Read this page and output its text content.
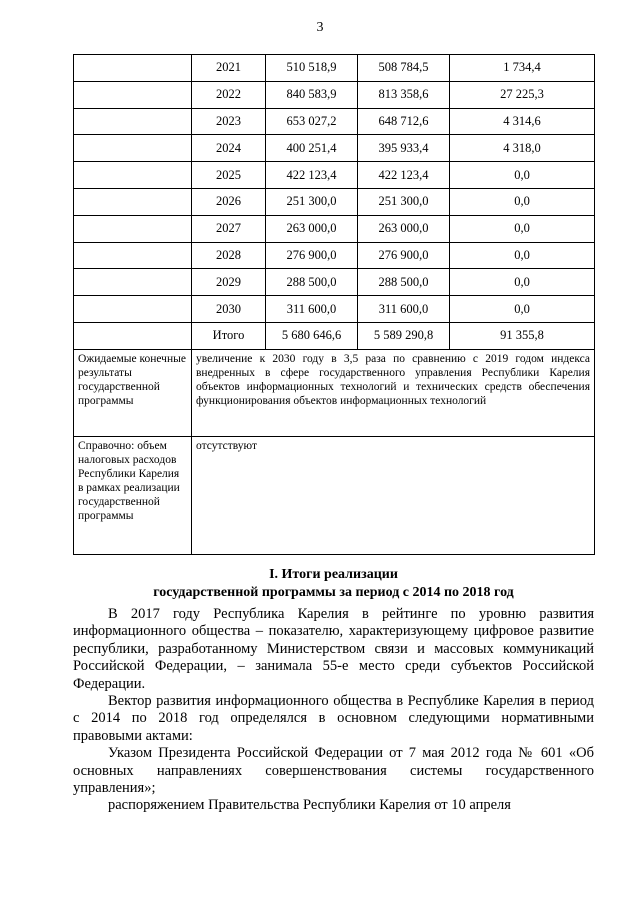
3
	2021	510 518,9	508 784,5	1 734,4
	2022	840 583,9	813 358,6	27 225,3
	2023	653 027,2	648 712,6	4 314,6
	2024	400 251,4	395 933,4	4 318,0
	2025	422 123,4	422 123,4	0,0
	2026	251 300,0	251 300,0	0,0
	2027	263 000,0	263 000,0	0,0
	2028	276 900,0	276 900,0	0,0
	2029	288 500,0	288 500,0	0,0
	2030	311 600,0	311 600,0	0,0
	Итого	5 680 646,6	5 589 290,8	91 355,8
Ожидаемые конечные результаты государственной программы	увеличение к 2030 году в 3,5 раза по сравнению с 2019 годом индекса внедренных в сфере государственного управления Республики Карелия объектов информационных технологий и технических средств обеспечения функционирования объектов информационных технологий			
Справочно: объем налоговых расходов Республики Карелия в рамках реализации государственной программы	отсутствуют			
I. Итоги реализации
государственной программы за период с 2014 по 2018 год

В 2017 году Республика Карелия в рейтинге по уровню развития информационного общества – показателю, характеризующему цифровое развитие республики, разработанному Министерством связи и массовых коммуникаций Российской Федерации, – занимала 55-е место среди субъектов Российской Федерации.

Вектор развития информационного общества в Республике Карелия в период с 2014 по 2018 год определялся в основном следующими нормативными правовыми актами:

Указом Президента Российской Федерации от 7 мая 2012 года № 601 «Об основных направлениях совершенствования системы государственного управления»;

распоряжением Правительства Республики Карелия от 10 апреля
